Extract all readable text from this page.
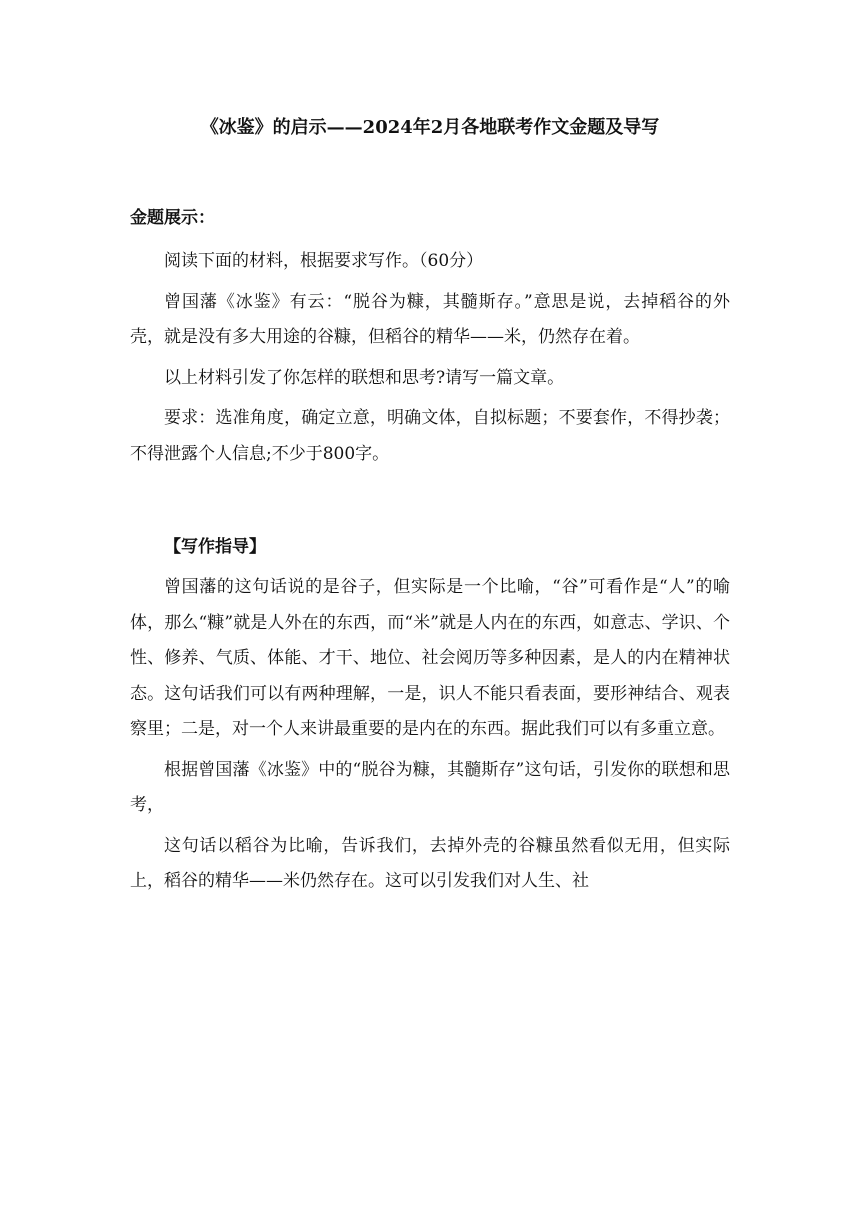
《冰鉴》的启示——2024年2月各地联考作文金题及导写
金题展示：

阅读下面的材料，根据要求写作。（60分）

曾国藩《冰鉴》有云：“脱谷为糠，其髓斯存。”意思是说，去掉稻谷的外壳，就是没有多大用途的谷糠，但稻谷的精华——米，仍然存在着。

以上材料引发了你怎样的联想和思考?请写一篇文章。

要求：选准角度，确定立意，明确文体，自拟标题；不要套作，不得抄袭；不得泄露个人信息;不少于800字。

【写作指导】

曾国藩的这句话说的是谷子，但实际是一个比喻，“谷”可看作是“人”的喻体，那么“糠”就是人外在的东西，而“米”就是人内在的东西，如意志、学识、个性、修养、气质、体能、才干、地位、社会阅历等多种因素，是人的内在精神状态。这句话我们可以有两种理解，一是，识人不能只看表面，要形神结合、观表察里；二是，对一个人来讲最重要的是内在的东西。据此我们可以有多重立意。

根据曾国藩《冰鉴》中的“脱谷为糠，其髓斯存”这句话，引发你的联想和思考，

这句话以稻谷为比喻，告诉我们，去掉外壳的谷糠虽然看似无用，但实际上，稻谷的精华——米仍然存在。这可以引发我们对人生、社
